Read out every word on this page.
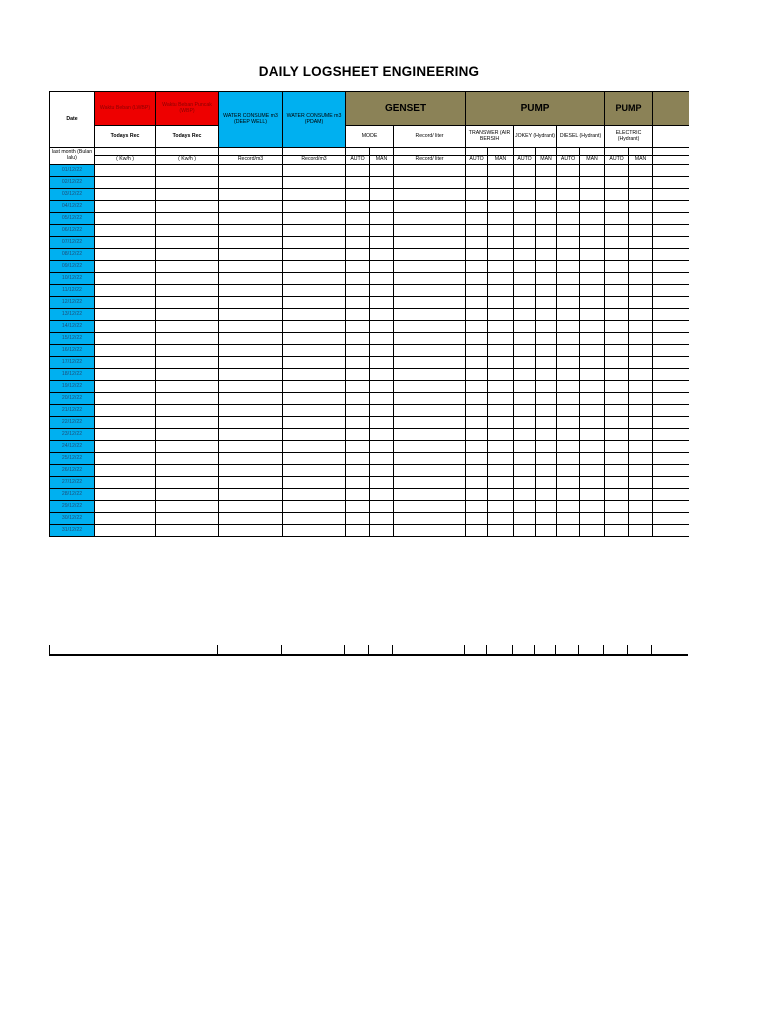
DAILY LOGSHEET ENGINEERING
Date	Waktu Beban (LWBP)	Waktu Beban Puncak (WBP)	WATER CONSUME m3 (DEEP WELL)	WATER CONSUME m3 (PDAM)	GENSET			PUMP						PUMP		
	Todays Rec	Todays Rec			MODE		Record/ liter	TRANSWER (AIR BERSIH		JOKEY (Hydrant)		DIESEL (Hydrant)		ELECTRIC (Hydrant)		
last month (Bulan lalu)																
	( Kw/h )	( Kw/h )	Record/m3	Record/m3	AUTO	MAN	Record/ liter	AUTO	MAN	AUTO	MAN	AUTO	MAN	AUTO	MAN	
01/12/22																
02/12/22																
03/12/22																
04/12/22																
05/12/22																
06/12/22																
07/12/22																
08/12/22																
09/12/22																
10/12/22																
11/12/22																
12/12/22																
13/12/22																
14/12/22																
15/12/22																
16/12/22																
17/12/22																
18/12/22																
19/12/22																
20/12/22																
21/12/22																
22/12/22																
23/12/22																
24/12/22																
25/12/22																
26/12/22																
27/12/22																
28/12/22																
29/12/22																
30/12/22																
31/12/22																
